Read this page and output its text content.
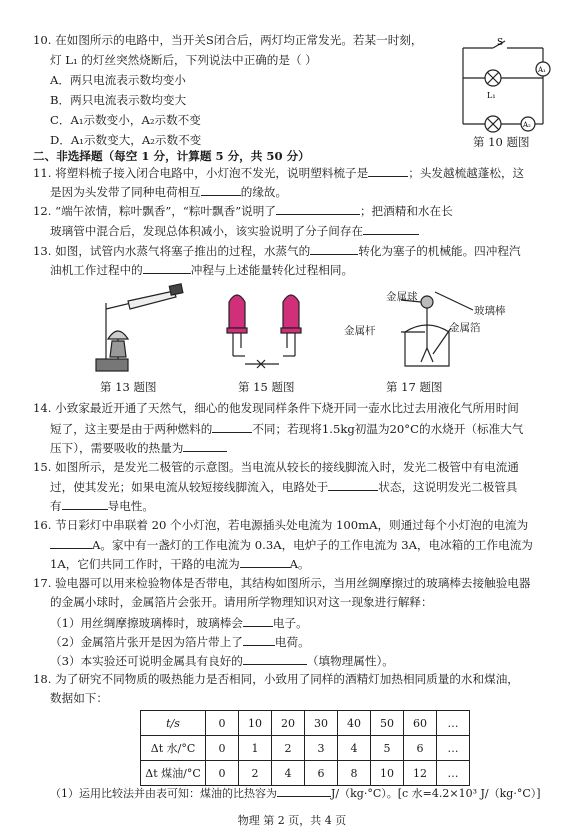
10. 在如图所示的电路中，当开关S闭合后，两灯均正常发光。若某一时刻，
灯 L₁ 的灯丝突然烧断后，下列说法中正确的是（ ）
A．两只电流表示数均变小
B．两只电流表示数均变大
C．A₁示数变小，A₂示数不变
D．A₁示数变大，A₂示数不变
S
A₁
A₂
L₁
第 10 题图
二、非选择题（每空 1 分，计算题 5 分，共 50 分）
11. 将塑料梳子接入闭合电路中，小灯泡不发光，说明塑料梳子是	；头发越梳越蓬松，这
是因为头发带了同种电荷相互	的缘故。
12. “端午浓情，粽叶飘香”，“粽叶飘香”说明了	；把酒精和水在长
玻璃管中混合后，发现总体积减小，该实验说明了分子间存在
13. 如图，试管内水蒸气将塞子推出的过程，水蒸气的	转化为塞子的机械能。四冲程汽
油机工作过程中的	冲程与上述能量转化过程相同。
第 13 题图	第 15 题图
金属球
金属杆
玻璃棒
金属箔
第 17 题图
14. 小致家最近开通了天然气，细心的他发现同样条件下烧开同一壶水比过去用液化气所用时间
短了，这主要是由于两种燃料的	不同；若现将1.5kg初温为20°C的水烧开（标准大气
压下），需要吸收的热量为
15. 如图所示，是发光二极管的示意图。当电流从较长的接线脚流入时，发光二极管中有电流通
过，使其发光；如果电流从较短接线脚流入，电路处于	状态，这说明发光二极管具
有	导电性。
16. 节日彩灯中串联着 20 个小灯泡，若电源插头处电流为 100mA，则通过每个小灯泡的电流为
A。家中有一盏灯的工作电流为 0.3A，电炉子的工作电流为 3A，电冰箱的工作电流为
1A，它们共同工作时，干路的电流为	A。
17. 验电器可以用来检验物体是否带电，其结构如图所示，当用丝绸摩擦过的玻璃棒去接触验电器
的金属小球时，金属箔片会张开。请用所学物理知识对这一现象进行解释：
（1）用丝绸摩擦玻璃棒时，玻璃棒会	电子。
（2）金属箔片张开是因为箔片带上了	电荷。
（3）本实验还可说明金属具有良好的	（填物理属性）。
18. 为了研究不同物质的吸热能力是否相同，小致用了同样的酒精灯加热相同质量的水和煤油，
数据如下：
t/s	0	10	20	30	40	50	60	…
Δt 水/°C	0	1	2	3	4	5	6	…
Δt 煤油/°C	0	2	4	6	8	10	12	…
（1）运用比较法并由表可知：煤油的比热容为	J/（kg·°C）。[c 水=4.2×10³ J/（kg·°C）]
物理 第 2 页，共 4 页
